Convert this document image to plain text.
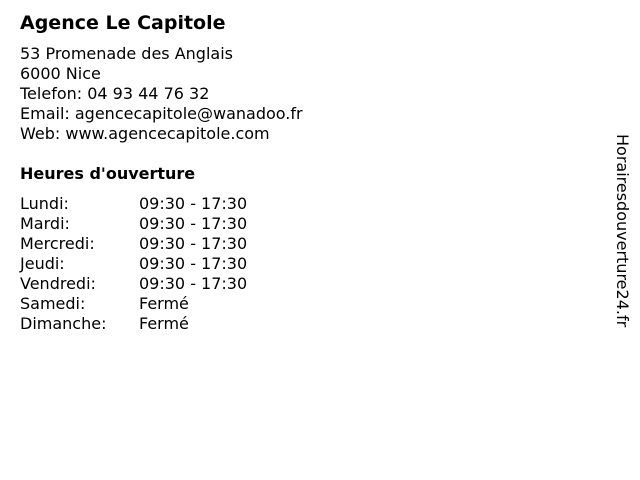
Agence Le Capitole
53 Promenade des Anglais
6000 Nice
Telefon: 04 93 44 76 32
Email: agencecapitole@wanadoo.fr
Web: www.agencecapitole.com
Heures d'ouverture
Lundi:	09:30 - 17:30
Mardi:	09:30 - 17:30
Mercredi:	09:30 - 17:30
Jeudi:	09:30 - 17:30
Vendredi:	09:30 - 17:30
Samedi:	Fermé
Dimanche: Fermé	Horairesdouverture24.fr
